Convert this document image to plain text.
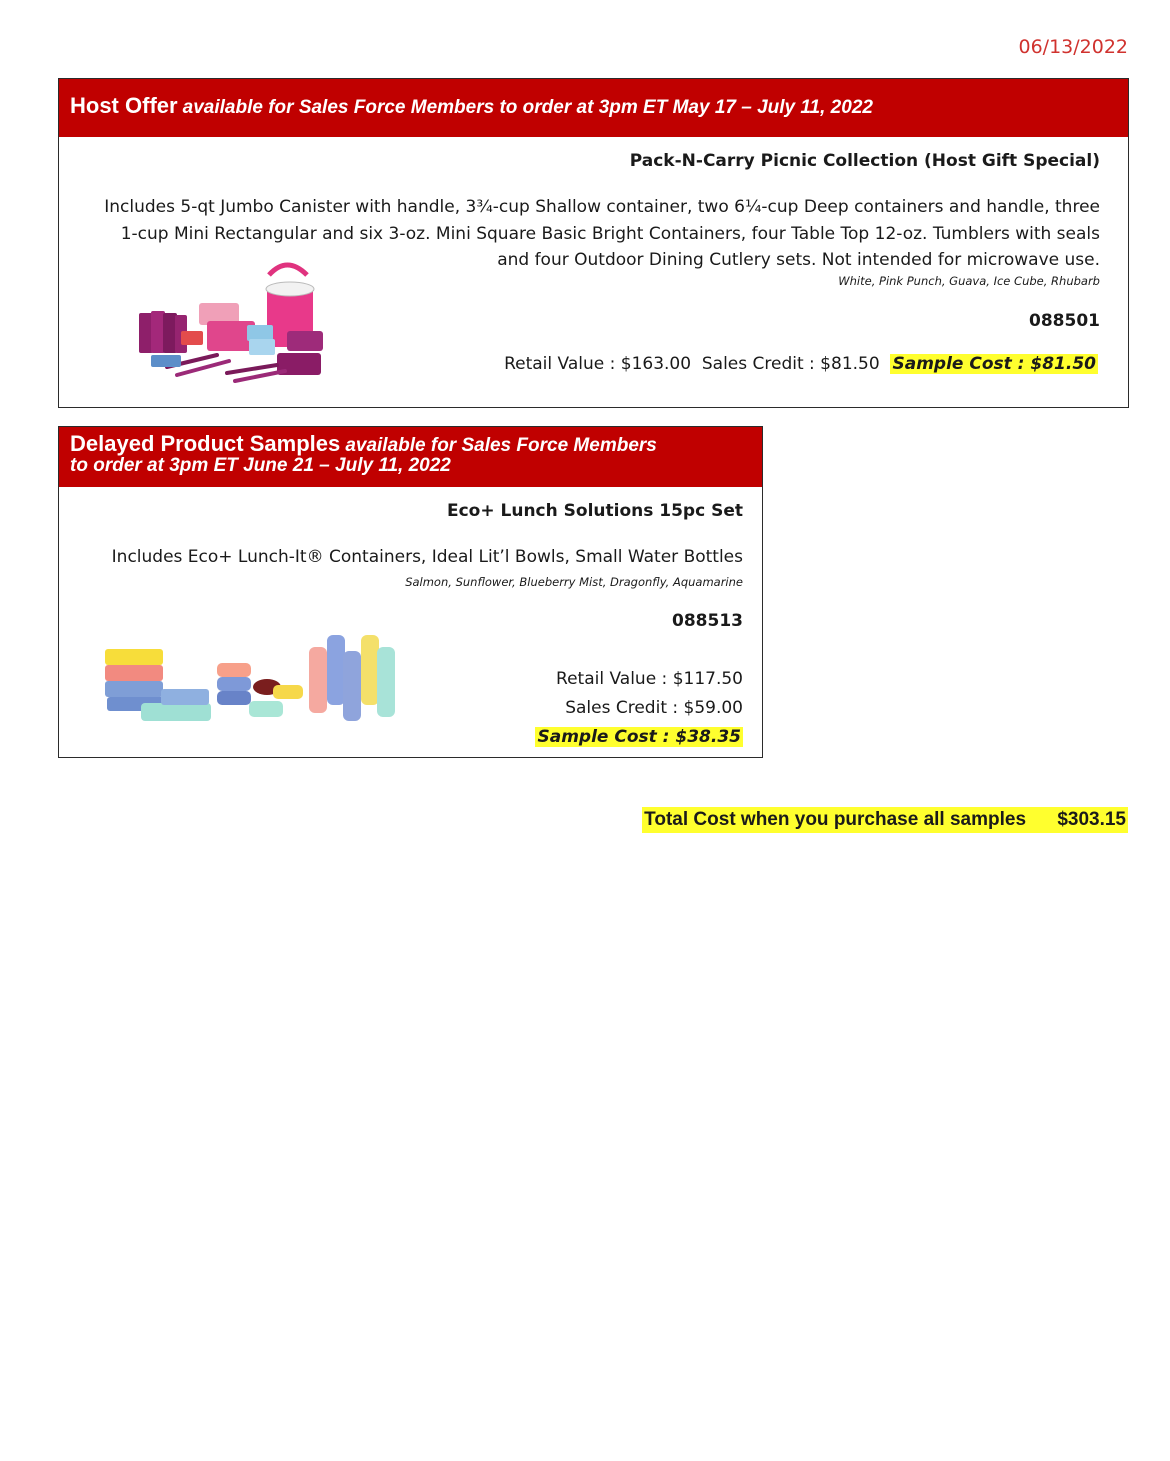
06/13/2022
Host Offer available for Sales Force Members to order at 3pm ET May 17 – July 11, 2022
Pack-N-Carry Picnic Collection (Host Gift Special)
Includes 5-qt Jumbo Canister with handle, 3¾-cup Shallow container, two 6¼-cup Deep containers and handle, three 1-cup Mini Rectangular and six 3-oz. Mini Square Basic Bright Containers, four Table Top 12-oz. Tumblers with seals and four Outdoor Dining Cutlery sets. Not intended for microwave use.
White, Pink Punch, Guava, Ice Cube, Rhubarb
088501
Retail Value : $163.00 Sales Credit : $81.50 Sample Cost : $81.50
Delayed Product Samples available for Sales Force Members
to order at 3pm ET June 21 – July 11, 2022
Eco+ Lunch Solutions 15pc Set
Includes Eco+ Lunch-It® Containers, Ideal Lit’l Bowls, Small Water Bottles
Salmon, Sunflower, Blueberry Mist, Dragonfly, Aquamarine
088513
Retail Value : $117.50
Sales Credit : $59.00
Sample Cost : $38.35
Total Cost when you purchase all samples $303.15
